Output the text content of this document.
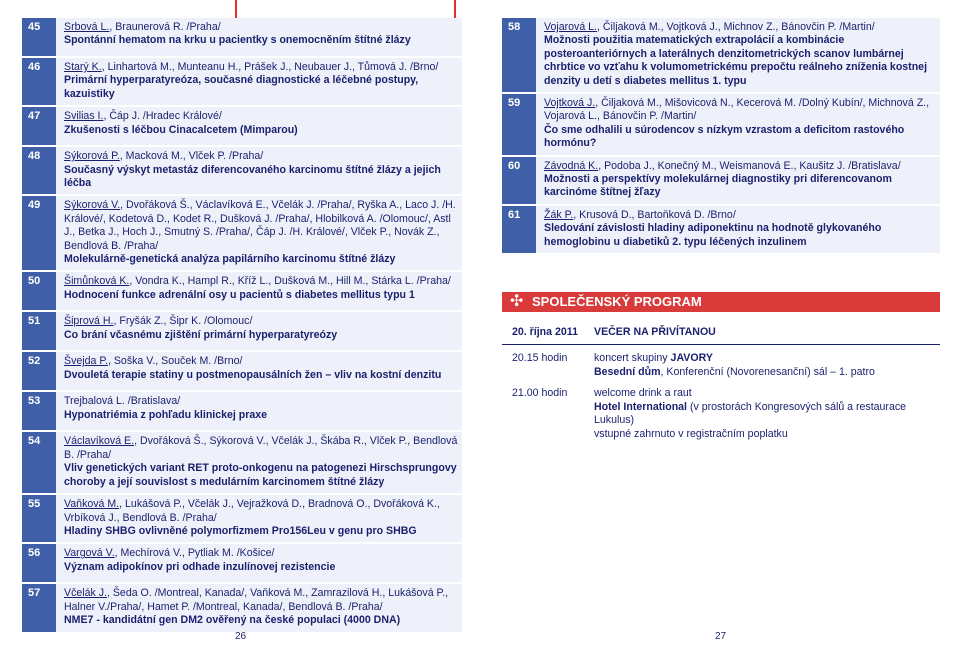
45	Srbová L., Braunerová R. /Praha/
Spontánní hematom na krku u pacientky s onemocněním štítné žlázy
46	Starý K., Linhartová M., Munteanu H., Prášek J., Neubauer J., Tůmová J. /Brno/
Primární hyperparatyreóza, současné diagnostické a léčebné postupy, kazuistiky
47	Svilias I., Čáp J. /Hradec Králové/
Zkušenosti s léčbou Cinacalcetem (Mimparou)
48	Sýkorová P., Macková M., Vlček P. /Praha/
Současný výskyt metastáz diferencovaného karcinomu štítné žlázy a jejich léčba
49	Sýkorová V., Dvořáková Š., Václavíková E., Včelák J. /Praha/, Ryška A., Laco J. /H. Králové/, Kodetová D., Kodet R., Dušková J. /Praha/, Hlobilková A. /Olomouc/, Astl J., Betka J., Hoch J., Smutný S. /Praha/, Čáp J. /H. Králové/, Vlček P., Novák Z., Bendlová B. /Praha/
Molekulárně-genetická analýza papilárního karcinomu štítné žlázy
50	Šimůnková K., Vondra K., Hampl R., Kříž L., Dušková M., Hill M., Stárka L. /Praha/
Hodnocení funkce adrenální osy u pacientů s diabetes mellitus typu 1
51	Šiprová H., Fryšák Z., Šipr K. /Olomouc/
Co brání včasnému zjištění primární hyperparatyreózy
52	Švejda P., Soška V., Souček M. /Brno/
Dvouletá terapie statiny u postmenopausálních žen – vliv na kostní denzitu
53	Trejbalová L. /Bratislava/
Hyponatriémia z pohľadu klinickej praxe
54	Václavíková E., Dvořáková Š., Sýkorová V., Včelák J., Škába R., Vlček P., Bendlová B. /Praha/
Vliv genetických variant RET proto-onkogenu na patogenezi Hirschsprungovy choroby a její souvislost s medulárním karcinomem štítné žlázy
55	Vaňková M., Lukášová P., Včelák J., Vejražková D., Bradnová O., Dvořáková K., Vrbíková J., Bendlová B. /Praha/
Hladiny SHBG ovlivněné polymorfizmem Pro156Leu v genu pro SHBG
56	Vargová V., Mechírová V., Pytliak M. /Košice/
Význam adipokínov pri odhade inzulínovej rezistencie
57	Včelák J., Šeda O. /Montreal, Kanada/, Vaňková M., Zamrazilová H., Lukášová P., Halner V./Praha/, Hamet P. /Montreal, Kanada/, Bendlová B. /Praha/
NME7 - kandidátní gen DM2 ověřený na české populaci (4000 DNA)
26	27
58	Vojarová L., Čiljaková M., Vojtková J., Michnov Z., Bánovčin P. /Martin/
Možnosti použitia matematických extrapolácií a kombinácie posteroanteriórnych a laterálnych denzitometrických scanov lumbárnej chrbtice vo vzťahu k volumometrickému prepočtu reálneho zníženia kostnej denzity u detí s diabetes mellitus 1. typu
59	Vojtková J., Čiljaková M., Mišovicová N., Kecerová M. /Dolný Kubín/, Michnová Z., Vojarová L., Bánovčin P. /Martin/
Čo sme odhalili u súrodencov s nízkym vzrastom a deficitom rastového hormónu?
60	Závodná K., Podoba J., Konečný M., Weismanová E., Kaušitz J. /Bratislava/
Možnosti a perspektívy molekulárnej diagnostiky pri diferencovanom karcinóme štítnej žľazy
61	Žák P., Krusová D., Bartoňková D. /Brno/
Sledování závislosti hladiny adiponektinu na hodnotě glykovaného hemoglobinu u diabetiků 2. typu léčených inzulinem
✣ SPOLEČENSKÝ PROGRAM
20. října 2011 VEČER NA PŘIVÍTANOU
20.15 hodin	koncert skupiny JAVORY
Besední dům, Konferenční (Novorenesanční) sál – 1. patro
21.00 hodin	welcome drink a raut
Hotel International (v prostorách Kongresových sálů a restaurace Lukulus)
vstupné zahrnuto v registračním poplatku
